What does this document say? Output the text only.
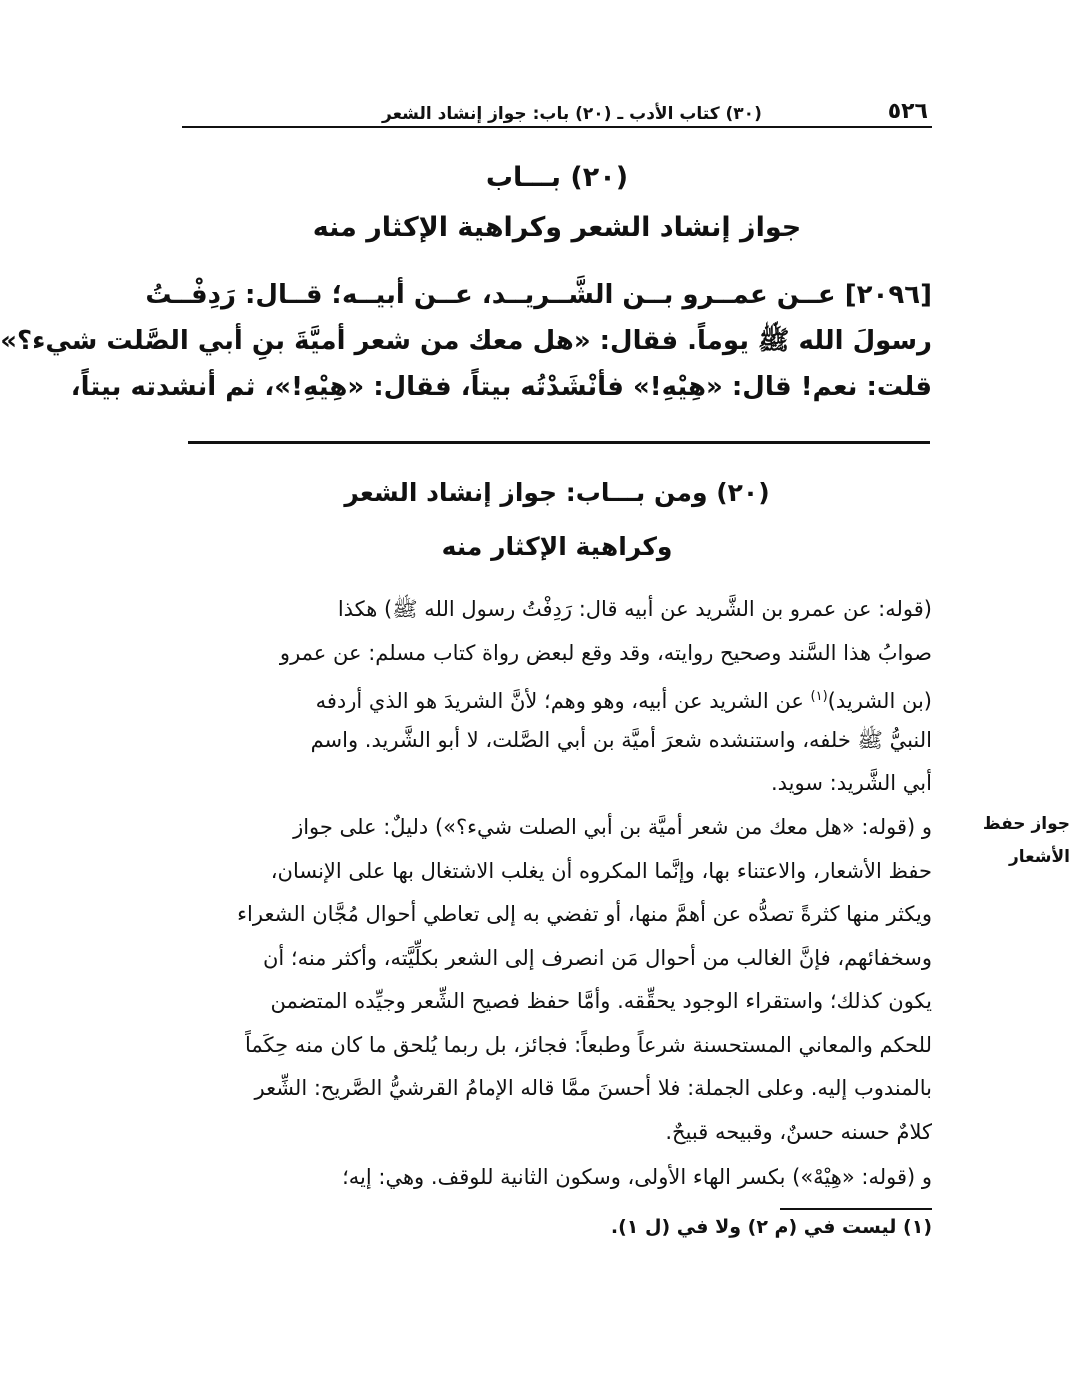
٥٢٦
(٣٠) كتاب الأدب ـ (٢٠) باب: جواز إنشاد الشعر
(٢٠) بـــاب
جواز إنشاد الشعر وكراهية الإكثار منه
[٢٠٩٦] عــن عمــرو بــن الشَّــريــد، عــن أبيــه؛ قــال: رَدِفْــتُ
رسولَ الله ﷺ يوماً. فقال: «هل معك من شعر أميَّةَ بنِ أبي الصَّلت شيء؟»
قلت: نعم! قال: «هِيْهِ!» فأنْشَدْتُه بيتاً، فقال: «هِيْهِ!»، ثم أنشدته بيتاً،
(٢٠) ومن بـــاب: جواز إنشاد الشعر
وكراهية الإكثار منه
(قوله: عن عمرو بن الشَّريد عن أبيه قال: رَدِفْتُ رسول الله ﷺ) هكذا
صوابُ هذا السَّند وصحيح روايته، وقد وقع لبعض رواة كتاب مسلم: عن عمرو
(بن الشريد)$^{(١)}$ عن الشريد عن أبيه، وهو وهم؛ لأنَّ الشريدَ هو الذي أردفه
النبيُّ ﷺ خلفه، واستنشده شعرَ أميَّة بن أبي الصَّلت، لا أبو الشَّريد. واسم
أبي الشَّريد: سويد.
و (قوله: «هل معك من شعر أميَّة بن أبي الصلت شيء؟») دليلٌ: على جواز
حفظ الأشعار، والاعتناء بها، وإنَّما المكروه أن يغلب الاشتغال بها على الإنسان،
ويكثر منها كثرةً تصدُّه عن أهمَّ منها، أو تفضي به إلى تعاطي أحوال مُجَّان الشعراء
وسخفائهم، فإنَّ الغالب من أحوال مَن انصرف إلى الشعر بكلِّيَّته، وأكثر منه؛ أن
يكون كذلك؛ واستقراء الوجود يحقِّقه. وأمَّا حفظ فصيح الشِّعر وجيِّده المتضمن
للحكم والمعاني المستحسنة شرعاً وطبعاً: فجائز، بل ربما يُلحق ما كان منه حِكَماً
بالمندوب إليه. وعلى الجملة: فلا أحسنَ ممَّا قاله الإمامُ القرشيُّ الصَّريح: الشِّعر
كلامٌ حسنه حسنٌ، وقبيحه قبيحٌ.
و (قوله: «هِيْهْ») بكسر الهاء الأولى، وسكون الثانية للوقف. وهي: إيه؛
جواز حفظ
الأشعار
(١) ليست في (م ٢) ولا في (ل ١).
